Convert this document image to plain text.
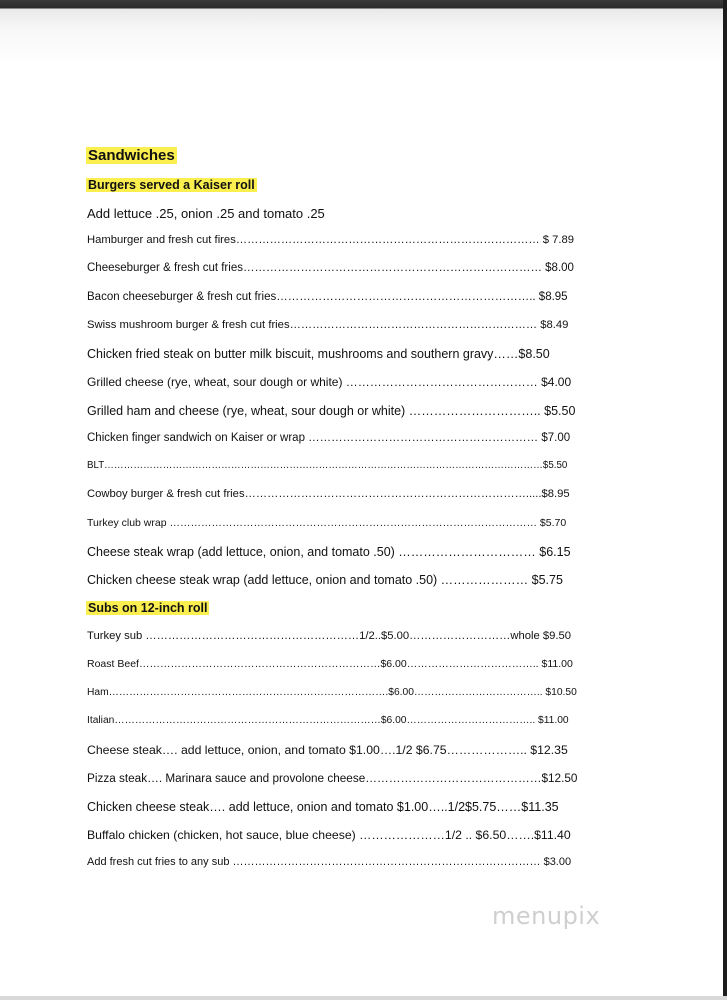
Sandwiches
Burgers served a Kaiser roll
Add lettuce .25, onion .25 and tomato .25
Hamburger and fresh cut fires……………………………………………………………………… $ 7.89
Cheeseburger & fresh cut fries…………………………………………………………………… $8.00
Bacon cheeseburger & fresh cut fries………………………………………………………….. $8.95
Swiss mushroom burger & fresh cut fries………………………………………………………… $8.49
Chicken fried steak on butter milk biscuit, mushrooms and southern gravy……$8.50
Grilled cheese (rye, wheat, sour dough or white) ………………………………………… $4.00
Grilled ham and cheese (rye, wheat, sour dough or white) ………………………….. $5.50
Chicken finger sandwich on Kaiser or wrap …………………………………………………… $7.00
BLT………………………………………………………………………………………………………………………$5.50
Cowboy burger & fresh cut fries………………………………………………………………….....$8.95
Turkey club wrap …………………………………………………………………………………………… $5.70
Cheese steak wrap (add lettuce, onion, and tomato .50) …………………………… $6.15
Chicken cheese steak wrap (add lettuce, onion and tomato .50) ………………… $5.75
Subs on 12-inch roll
Turkey sub …………………………………………………1/2..$5.00………………………whole $9.50
Roast Beef……………………………………………………………$6.00……………………………….. $11.00
Ham……………………………………………………………………….$6.00……………………………….. $10.50
Italian……………………………………………………………………$6.00……………………………….. $11.00
Cheese steak…. add lettuce, onion, and tomato $1.00….1/2 $6.75……………….. $12.35
Pizza steak…. Marinara sauce and provolone cheese………………………………………$12.50
Chicken cheese steak…. add lettuce, onion and tomato $1.00…..1/2$5.75……$11.35
Buffalo chicken (chicken, hot sauce, blue cheese) …………………1/2 .. $6.50…….$11.40
Add fresh cut fries to any sub ………………………………………………………………………… $3.00
menupix
